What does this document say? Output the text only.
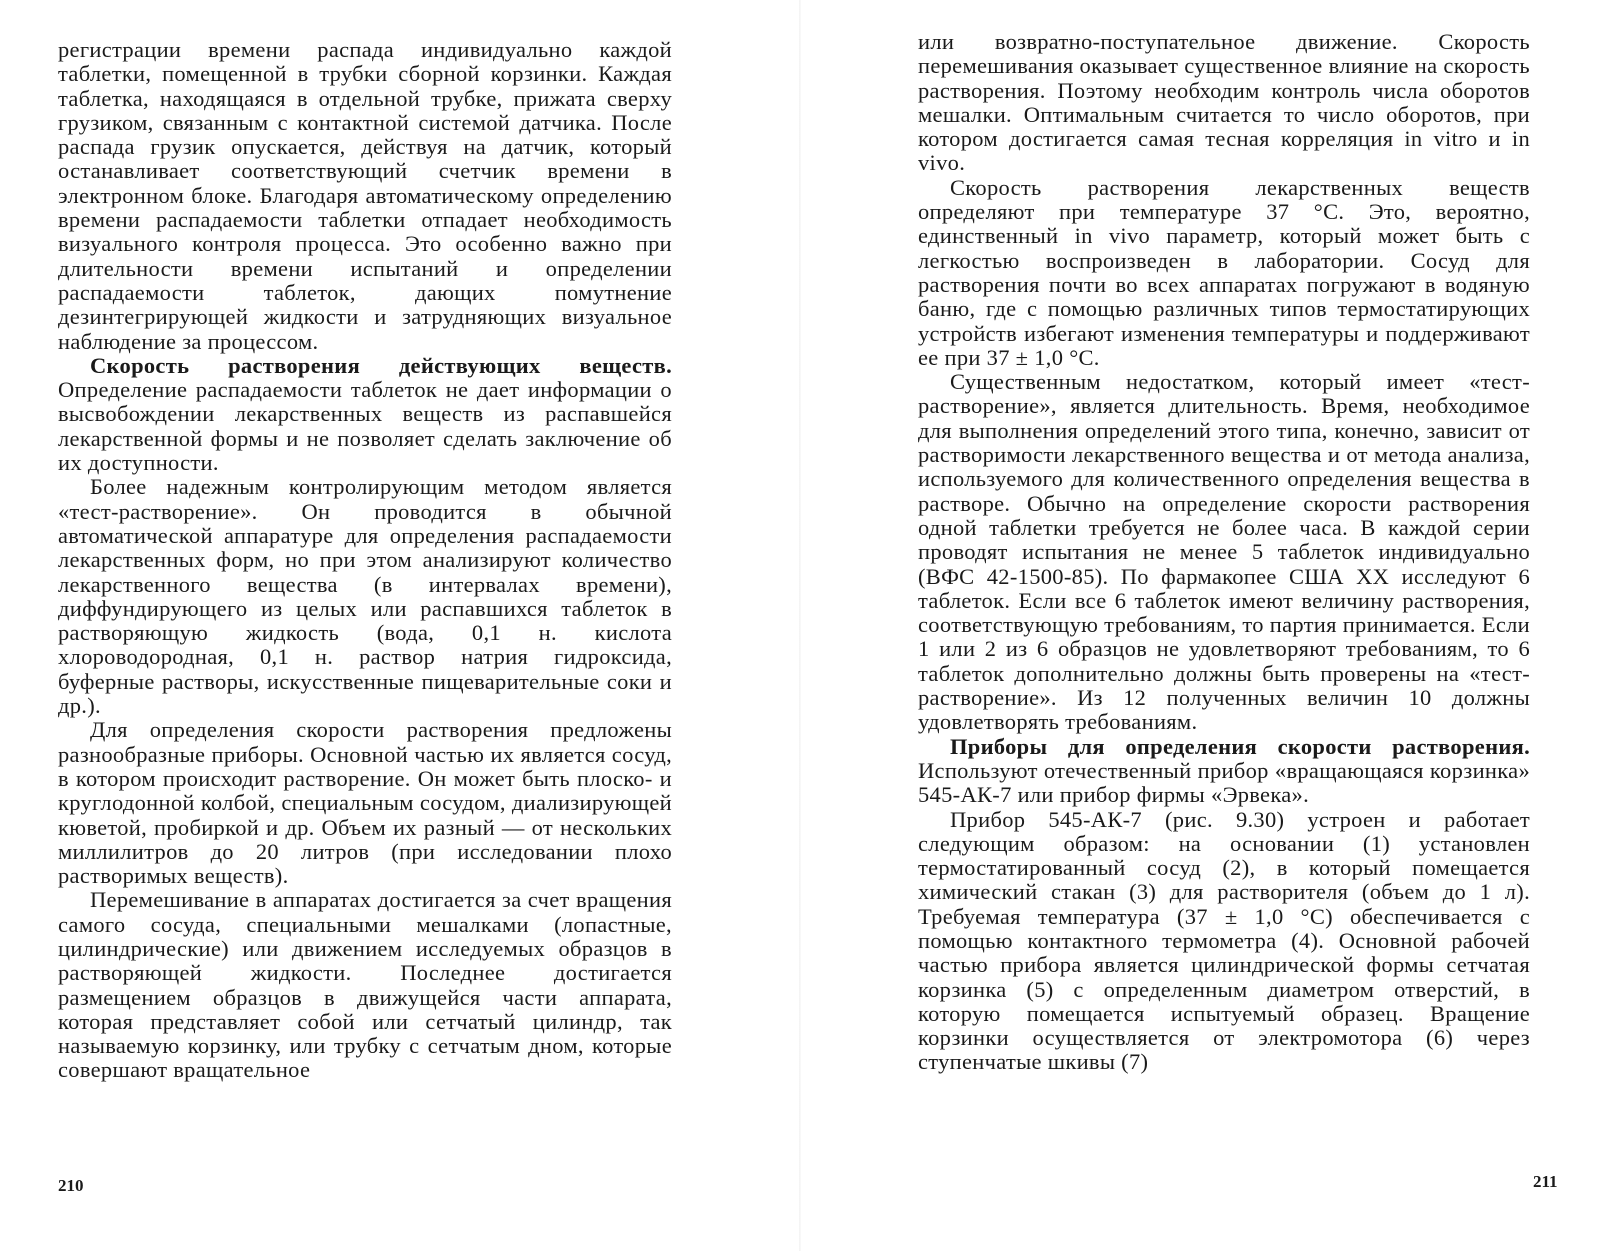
регистрации времени распада индивидуально каждой таблетки, помещенной в трубки сборной корзинки. Каждая таблетка, находящаяся в отдельной трубке, прижата сверху грузиком, связанным с контактной системой датчика. После распада грузик опускается, действуя на датчик, который останавливает соответствующий счетчик времени в электронном блоке. Благодаря автоматическому определению времени распадаемости таблетки отпадает необходимость визуального контроля процесса. Это особенно важно при длительности времени испытаний и определении распадаемости таблеток, дающих помутнение дезинтегрирующей жидкости и затрудняющих визуальное наблюдение за процессом.

Скорость растворения действующих веществ. Определение распадаемости таблеток не дает информации о высвобождении лекарственных веществ из распавшейся лекарственной формы и не позволяет сделать заключение об их доступности.

Более надежным контролирующим методом является «тест-растворение». Он проводится в обычной автоматической аппаратуре для определения распадаемости лекарственных форм, но при этом анализируют количество лекарственного вещества (в интервалах времени), диффундирующего из целых или распавшихся таблеток в растворяющую жидкость (вода, 0,1 н. кислота хлороводородная, 0,1 н. раствор натрия гидроксида, буферные растворы, искусственные пищеварительные соки и др.).

Для определения скорости растворения предложены разнообразные приборы. Основной частью их является сосуд, в котором происходит растворение. Он может быть плоско- и круглодонной колбой, специальным сосудом, диализирующей кюветой, пробиркой и др. Объем их разный — от нескольких миллилитров до 20 литров (при исследовании плохо растворимых веществ).

Перемешивание в аппаратах достигается за счет вращения самого сосуда, специальными мешалками (лопастные, цилиндрические) или движением исследуемых образцов в растворяющей жидкости. Последнее достигается размещением образцов в движущейся части аппарата, которая представляет собой или сетчатый цилиндр, так называемую корзинку, или трубку с сетчатым дном, которые совершают вращательное

210

или возвратно-поступательное движение. Скорость перемешивания оказывает существенное влияние на скорость растворения. Поэтому необходим контроль числа оборотов мешалки. Оптимальным считается то число оборотов, при котором достигается самая тесная корреляция in vitro и in vivo.

Скорость растворения лекарственных веществ определяют при температуре 37 °С. Это, вероятно, единственный in vivo параметр, который может быть с легкостью воспроизведен в лаборатории. Сосуд для растворения почти во всех аппаратах погружают в водяную баню, где с помощью различных типов термостатирующих устройств избегают изменения температуры и поддерживают ее при 37 ± 1,0 °С.

Существенным недостатком, который имеет «тест-растворение», является длительность. Время, необходимое для выполнения определений этого типа, конечно, зависит от растворимости лекарственного вещества и от метода анализа, используемого для количественного определения вещества в растворе. Обычно на определение скорости растворения одной таблетки требуется не более часа. В каждой серии проводят испытания не менее 5 таблеток индивидуально (ВФС 42-1500-85). По фармакопее США XX исследуют 6 таблеток. Если все 6 таблеток имеют величину растворения, соответствующую требованиям, то партия принимается. Если 1 или 2 из 6 образцов не удовлетворяют требованиям, то 6 таблеток дополнительно должны быть проверены на «тест-растворение». Из 12 полученных величин 10 должны удовлетворять требованиям.

Приборы для определения скорости растворения. Используют отечественный прибор «вращающаяся корзинка» 545-АК-7 или прибор фирмы «Эрвека».

Прибор 545-АК-7 (рис. 9.30) устроен и работает следующим образом: на основании (1) установлен термостатированный сосуд (2), в который помещается химический стакан (3) для растворителя (объем до 1 л). Требуемая температура (37 ± 1,0 °С) обеспечивается с помощью контактного термометра (4). Основной рабочей частью прибора является цилиндрической формы сетчатая корзинка (5) с определенным диаметром отверстий, в которую помещается испытуемый образец. Вращение корзинки осуществляется от электромотора (6) через ступенчатые шкивы (7)

211
